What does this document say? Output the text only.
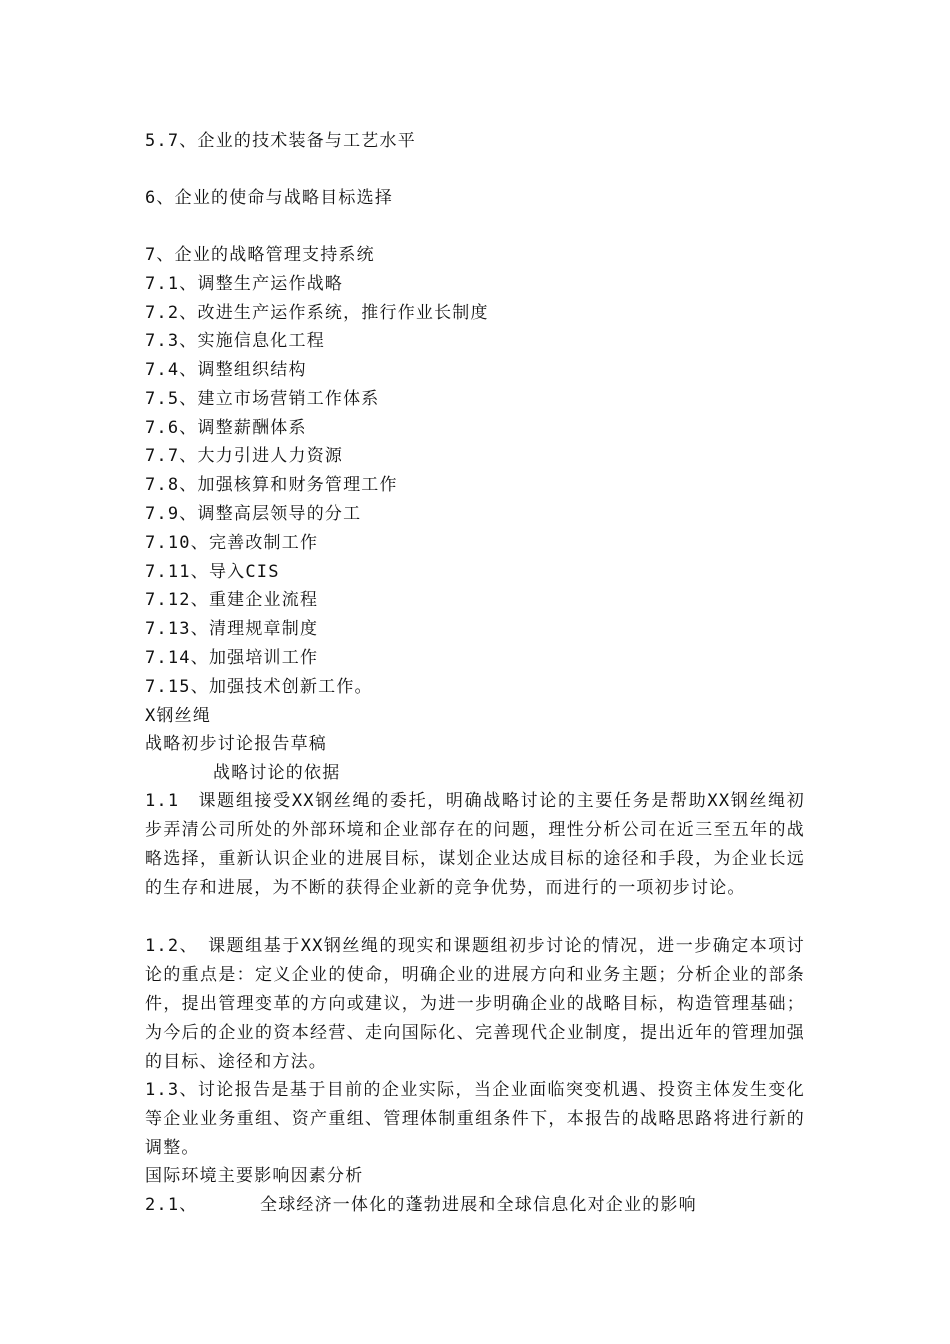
5.7、企业的技术装备与工艺水平
6、企业的使命与战略目标选择
7、企业的战略管理支持系统
7.1、调整生产运作战略
7.2、改进生产运作系统，推行作业长制度
7.3、实施信息化工程
7.4、调整组织结构
7.5、建立市场营销工作体系
7.6、调整薪酬体系
7.7、大力引进人力资源
7.8、加强核算和财务管理工作
7.9、调整高层领导的分工
7.10、完善改制工作
7.11、导入CIS
7.12、重建企业流程
7.13、清理规章制度
7.14、加强培训工作
7.15、加强技术创新工作。
X钢丝绳
战略初步讨论报告草稿
战略讨论的依据
1.1　课题组接受XX钢丝绳的委托，明确战略讨论的主要任务是帮助XX钢丝绳初步弄清公司所处的外部环境和企业部存在的问题，理性分析公司在近三至五年的战略选择，重新认识企业的进展目标，谋划企业达成目标的途径和手段，为企业长远的生存和进展，为不断的获得企业新的竞争优势，而进行的一项初步讨论。
1.2、　课题组基于XX钢丝绳的现实和课题组初步讨论的情况，进一步确定本项讨论的重点是：定义企业的使命，明确企业的进展方向和业务主题；分析企业的部条件，提出管理变革的方向或建议，为进一步明确企业的战略目标，构造管理基础；为今后的企业的资本经营、走向国际化、完善现代企业制度，提出近年的管理加强的目标、途径和方法。
1.3、讨论报告是基于目前的企业实际，当企业面临突变机遇、投资主体发生变化等企业业务重组、资产重组、管理体制重组条件下，本报告的战略思路将进行新的调整。
国际环境主要影响因素分析
2.1、	全球经济一体化的蓬勃进展和全球信息化对企业的影响
